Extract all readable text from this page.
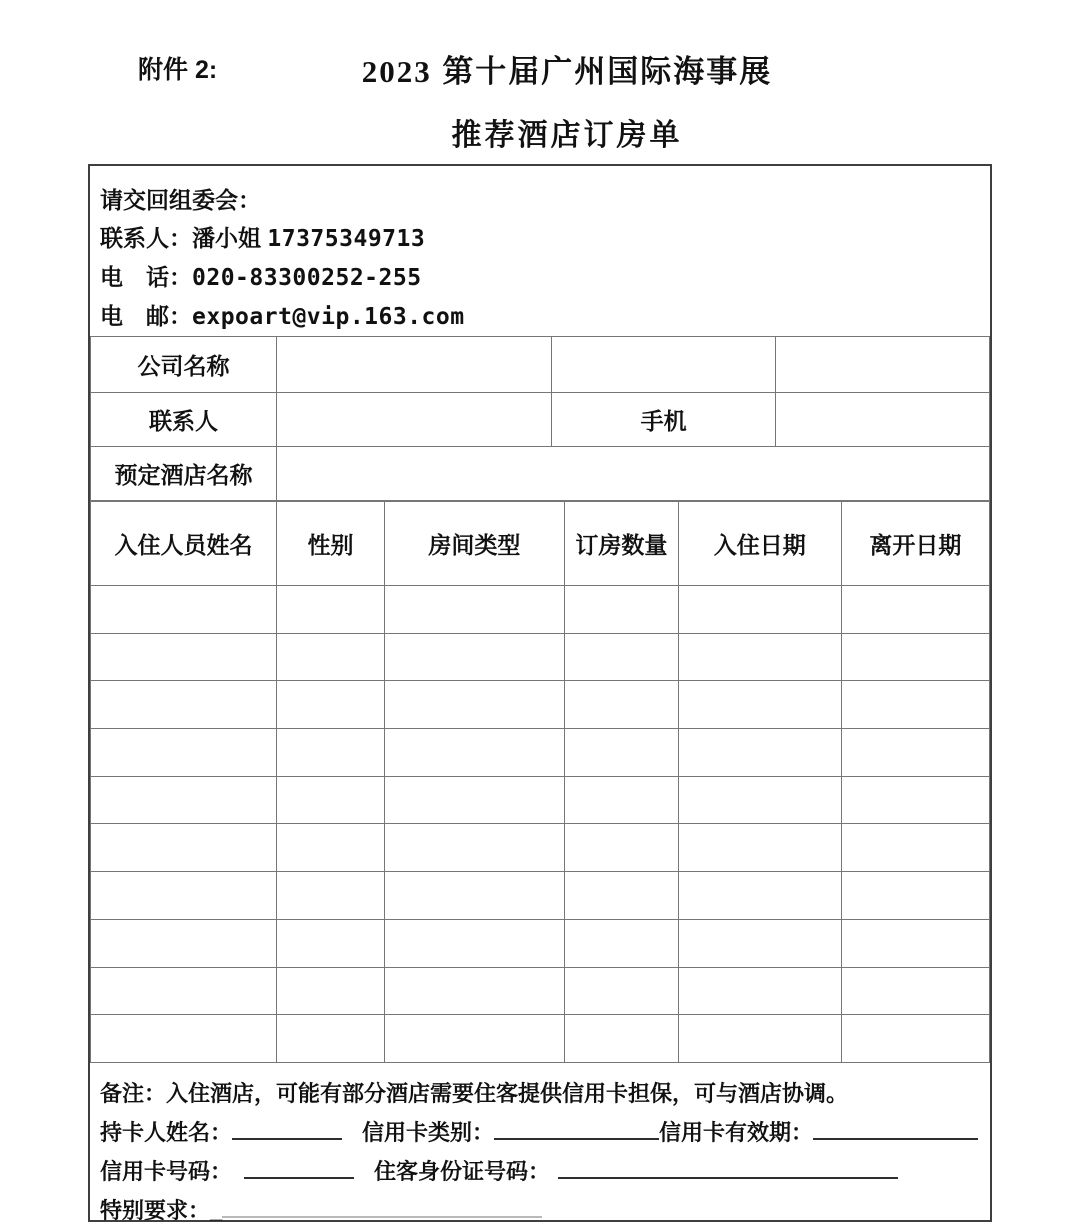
附件 2:	2023 第十届广州国际海事展
推荐酒店订房单
请交回组委会：
联系人：潘小姐 17375349713
电　话：020-83300252-255
电　邮：expoart@vip.163.com
公司名称			
联系人		手机	
预定酒店名称			
入住人员姓名	性别	房间类型	订房数量	入住日期	离开日期

备注：入住酒店，可能有部分酒店需要住客提供信用卡担保，可与酒店协调。
持卡人姓名：	信用卡类别：	信用卡有效期：
信用卡号码：	住客身份证号码：
特别要求：_
